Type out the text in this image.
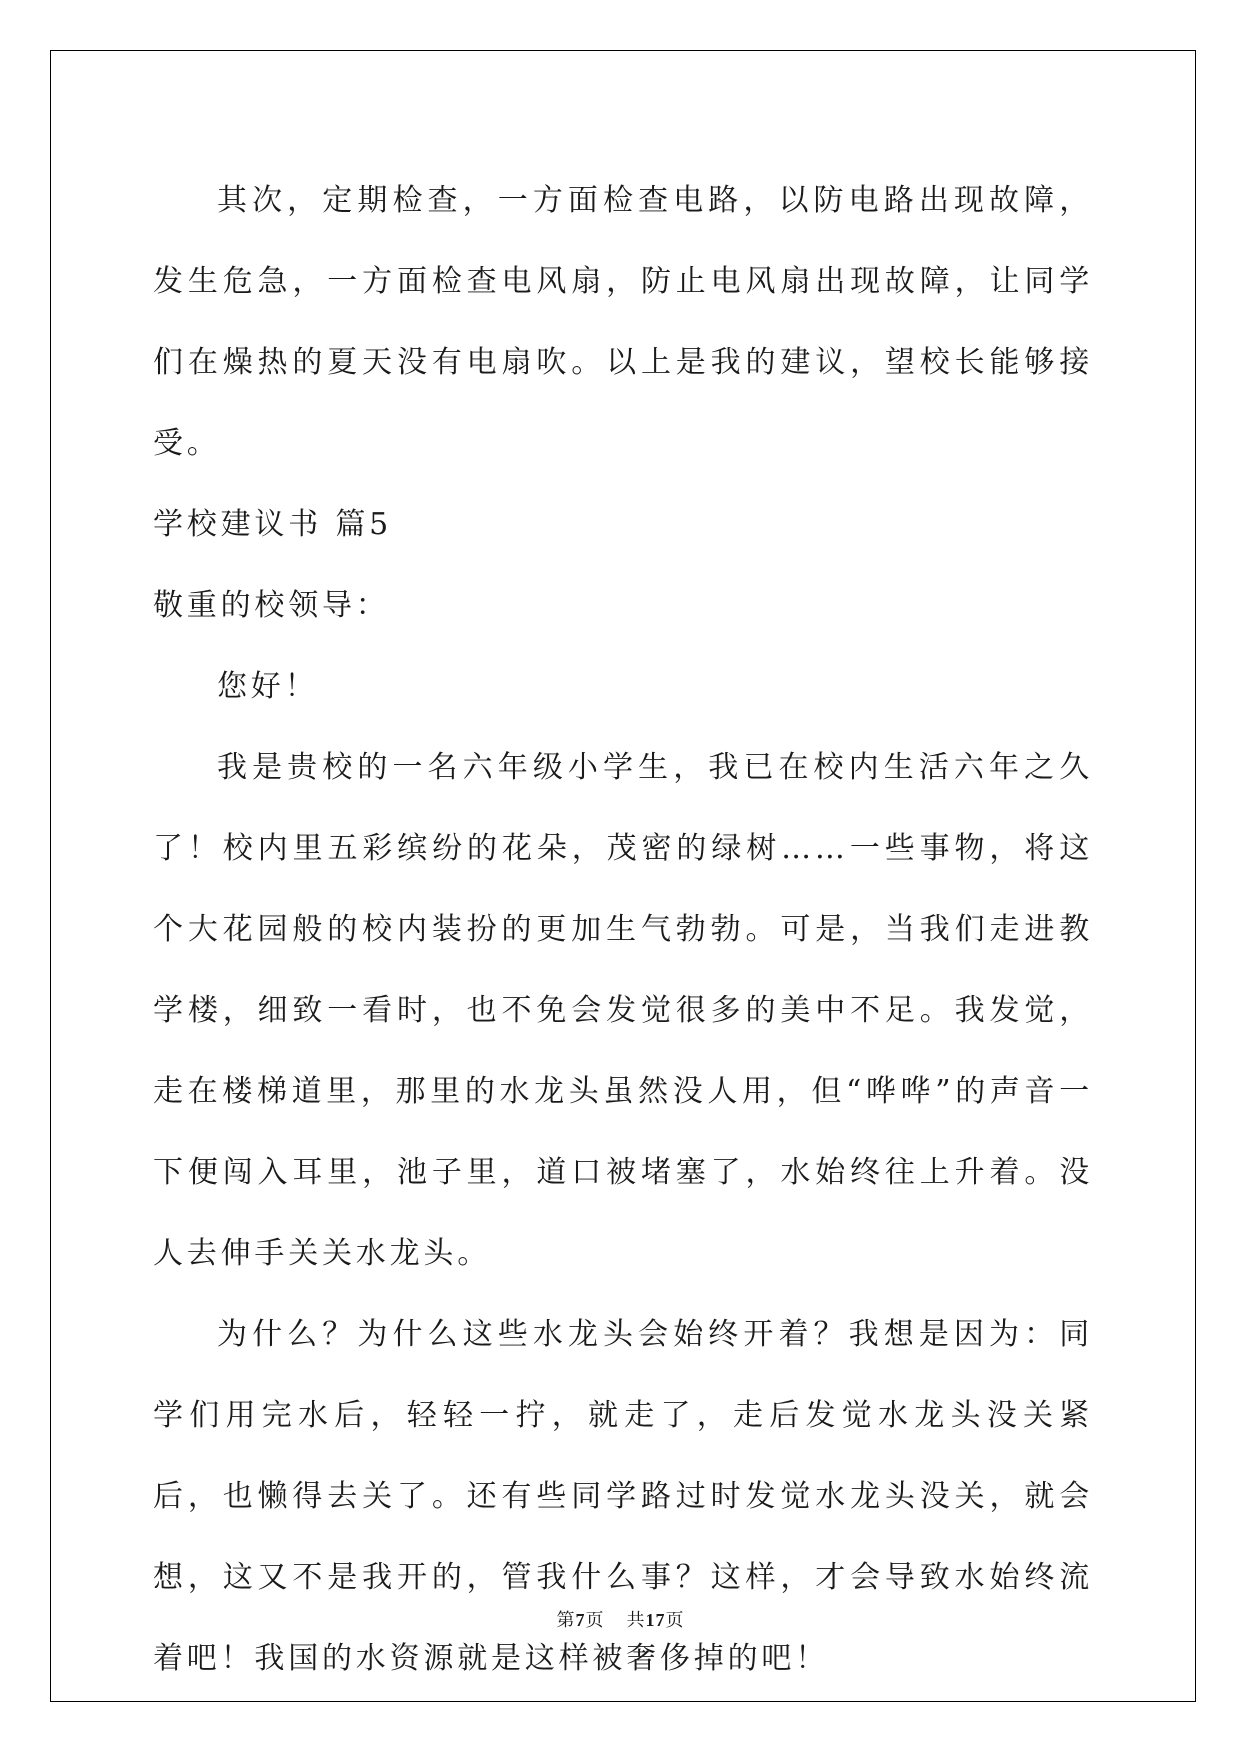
其次，定期检查，一方面检查电路，以防电路出现故障，发生危急，一方面检查电风扇，防止电风扇出现故障，让同学们在燥热的夏天没有电扇吹。以上是我的建议，望校长能够接受。

学校建议书 篇5

敬重的校领导：

您好！

我是贵校的一名六年级小学生，我已在校内生活六年之久了！校内里五彩缤纷的花朵，茂密的绿树……一些事物，将这个大花园般的校内装扮的更加生气勃勃。可是，当我们走进教学楼，细致一看时，也不免会发觉很多的美中不足。我发觉，走在楼梯道里，那里的水龙头虽然没人用，但“哗哗”的声音一下便闯入耳里，池子里，道口被堵塞了，水始终往上升着。没人去伸手关关水龙头。

为什么？为什么这些水龙头会始终开着？我想是因为：同学们用完水后，轻轻一拧，就走了，走后发觉水龙头没关紧后，也懒得去关了。还有些同学路过时发觉水龙头没关，就会想，这又不是我开的，管我什么事？这样，才会导致水始终流着吧！我国的水资源就是这样被奢侈掉的吧！

第7页 共17页
